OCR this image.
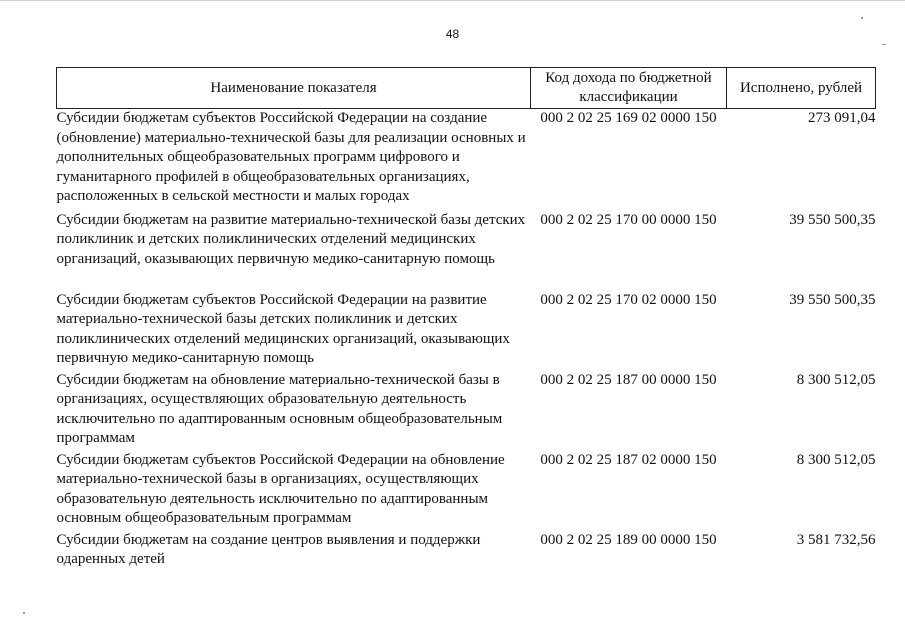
48
Наименование показателя	Код дохода по бюджетной классификации	Исполнено, рублей
Субсидии бюджетам субъектов Российской Федерации на создание (обновление) материально-технической базы для реализации основных и дополнительных общеобразовательных программ цифрового и гуманитарного профилей в общеобразовательных организациях, расположенных в сельской местности и малых городах	000 2 02 25 169 02 0000 150	273 091,04
Субсидии бюджетам на развитие материально-технической базы детских поликлиник и детских поликлинических отделений медицинских организаций, оказывающих первичную медико-санитарную помощь	000 2 02 25 170 00 0000 150	39 550 500,35
Субсидии бюджетам субъектов Российской Федерации на развитие материально-технической базы детских поликлиник и детских поликлинических отделений медицинских организаций, оказывающих первичную медико-санитарную помощь	000 2 02 25 170 02 0000 150	39 550 500,35
Субсидии бюджетам на обновление материально-технической базы в организациях, осуществляющих образовательную деятельность исключительно по адаптированным основным общеобразовательным программам	000 2 02 25 187 00 0000 150	8 300 512,05
Субсидии бюджетам субъектов Российской Федерации на обновление материально-технической базы в организациях, осуществляющих образовательную деятельность исключительно по адаптированным основным общеобразовательным программам	000 2 02 25 187 02 0000 150	8 300 512,05
Субсидии бюджетам на создание центров выявления и поддержки одаренных детей	000 2 02 25 189 00 0000 150	3 581 732,56
